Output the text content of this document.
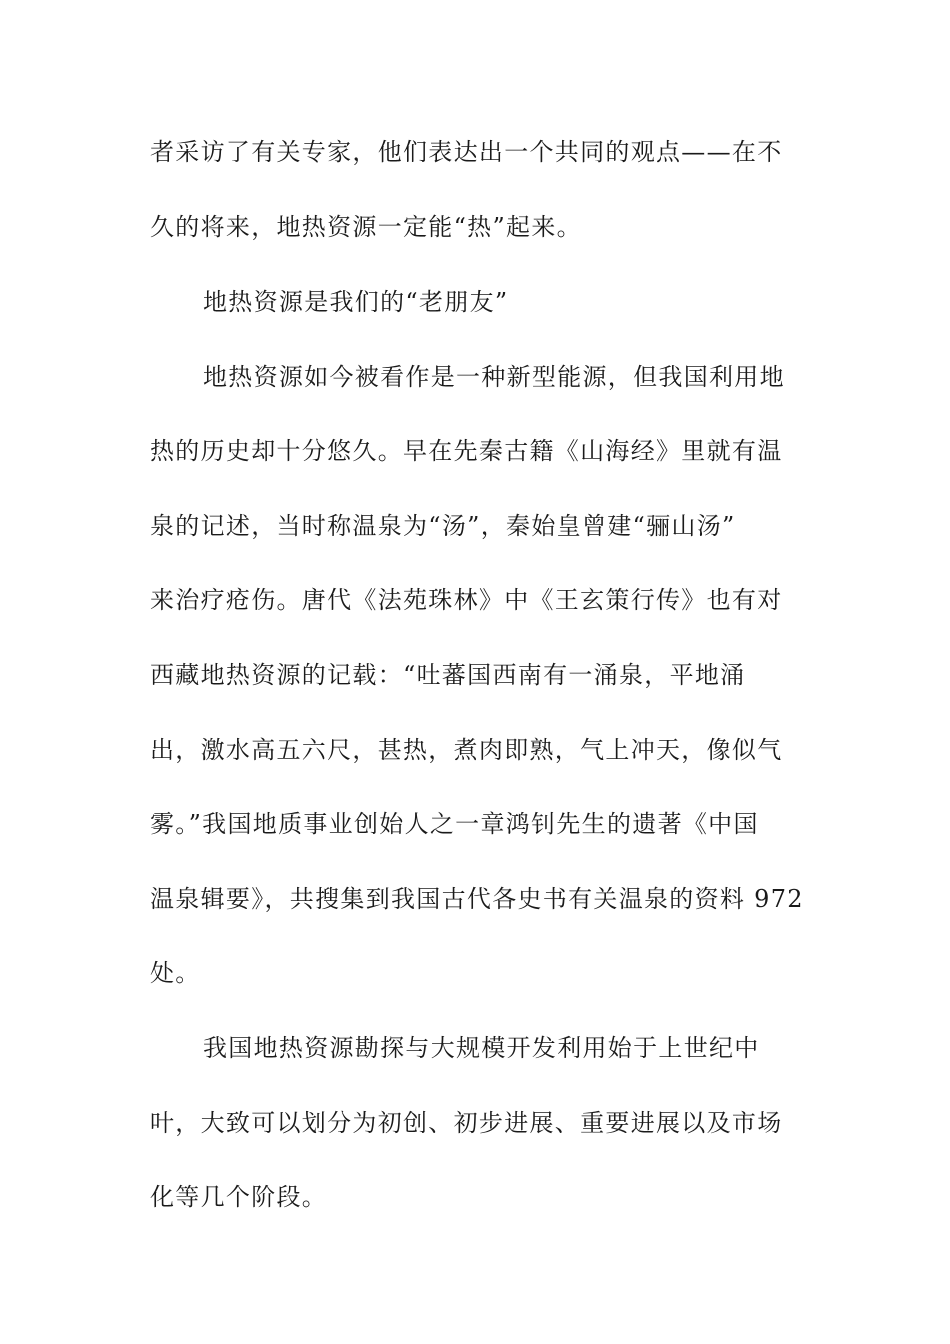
者采访了有关专家，他们表达出一个共同的观点——在不

久的将来，地热资源一定能“热”起来。

地热资源是我们的“老朋友”

地热资源如今被看作是一种新型能源，但我国利用地

热的历史却十分悠久。早在先秦古籍《山海经》里就有温

泉的记述，当时称温泉为“汤”，秦始皇曾建“骊山汤”

来治疗疮伤。唐代《法苑珠林》中《王玄策行传》也有对

西藏地热资源的记载：“吐蕃国西南有一涌泉，平地涌

出，激水高五六尺，甚热，煮肉即熟，气上冲天，像似气

雾。”我国地质事业创始人之一章鸿钊先生的遗著《中国

温泉辑要》，共搜集到我国古代各史书有关温泉的资料 972

处。

我国地热资源勘探与大规模开发利用始于上世纪中

叶，大致可以划分为初创、初步进展、重要进展以及市场

化等几个阶段。
